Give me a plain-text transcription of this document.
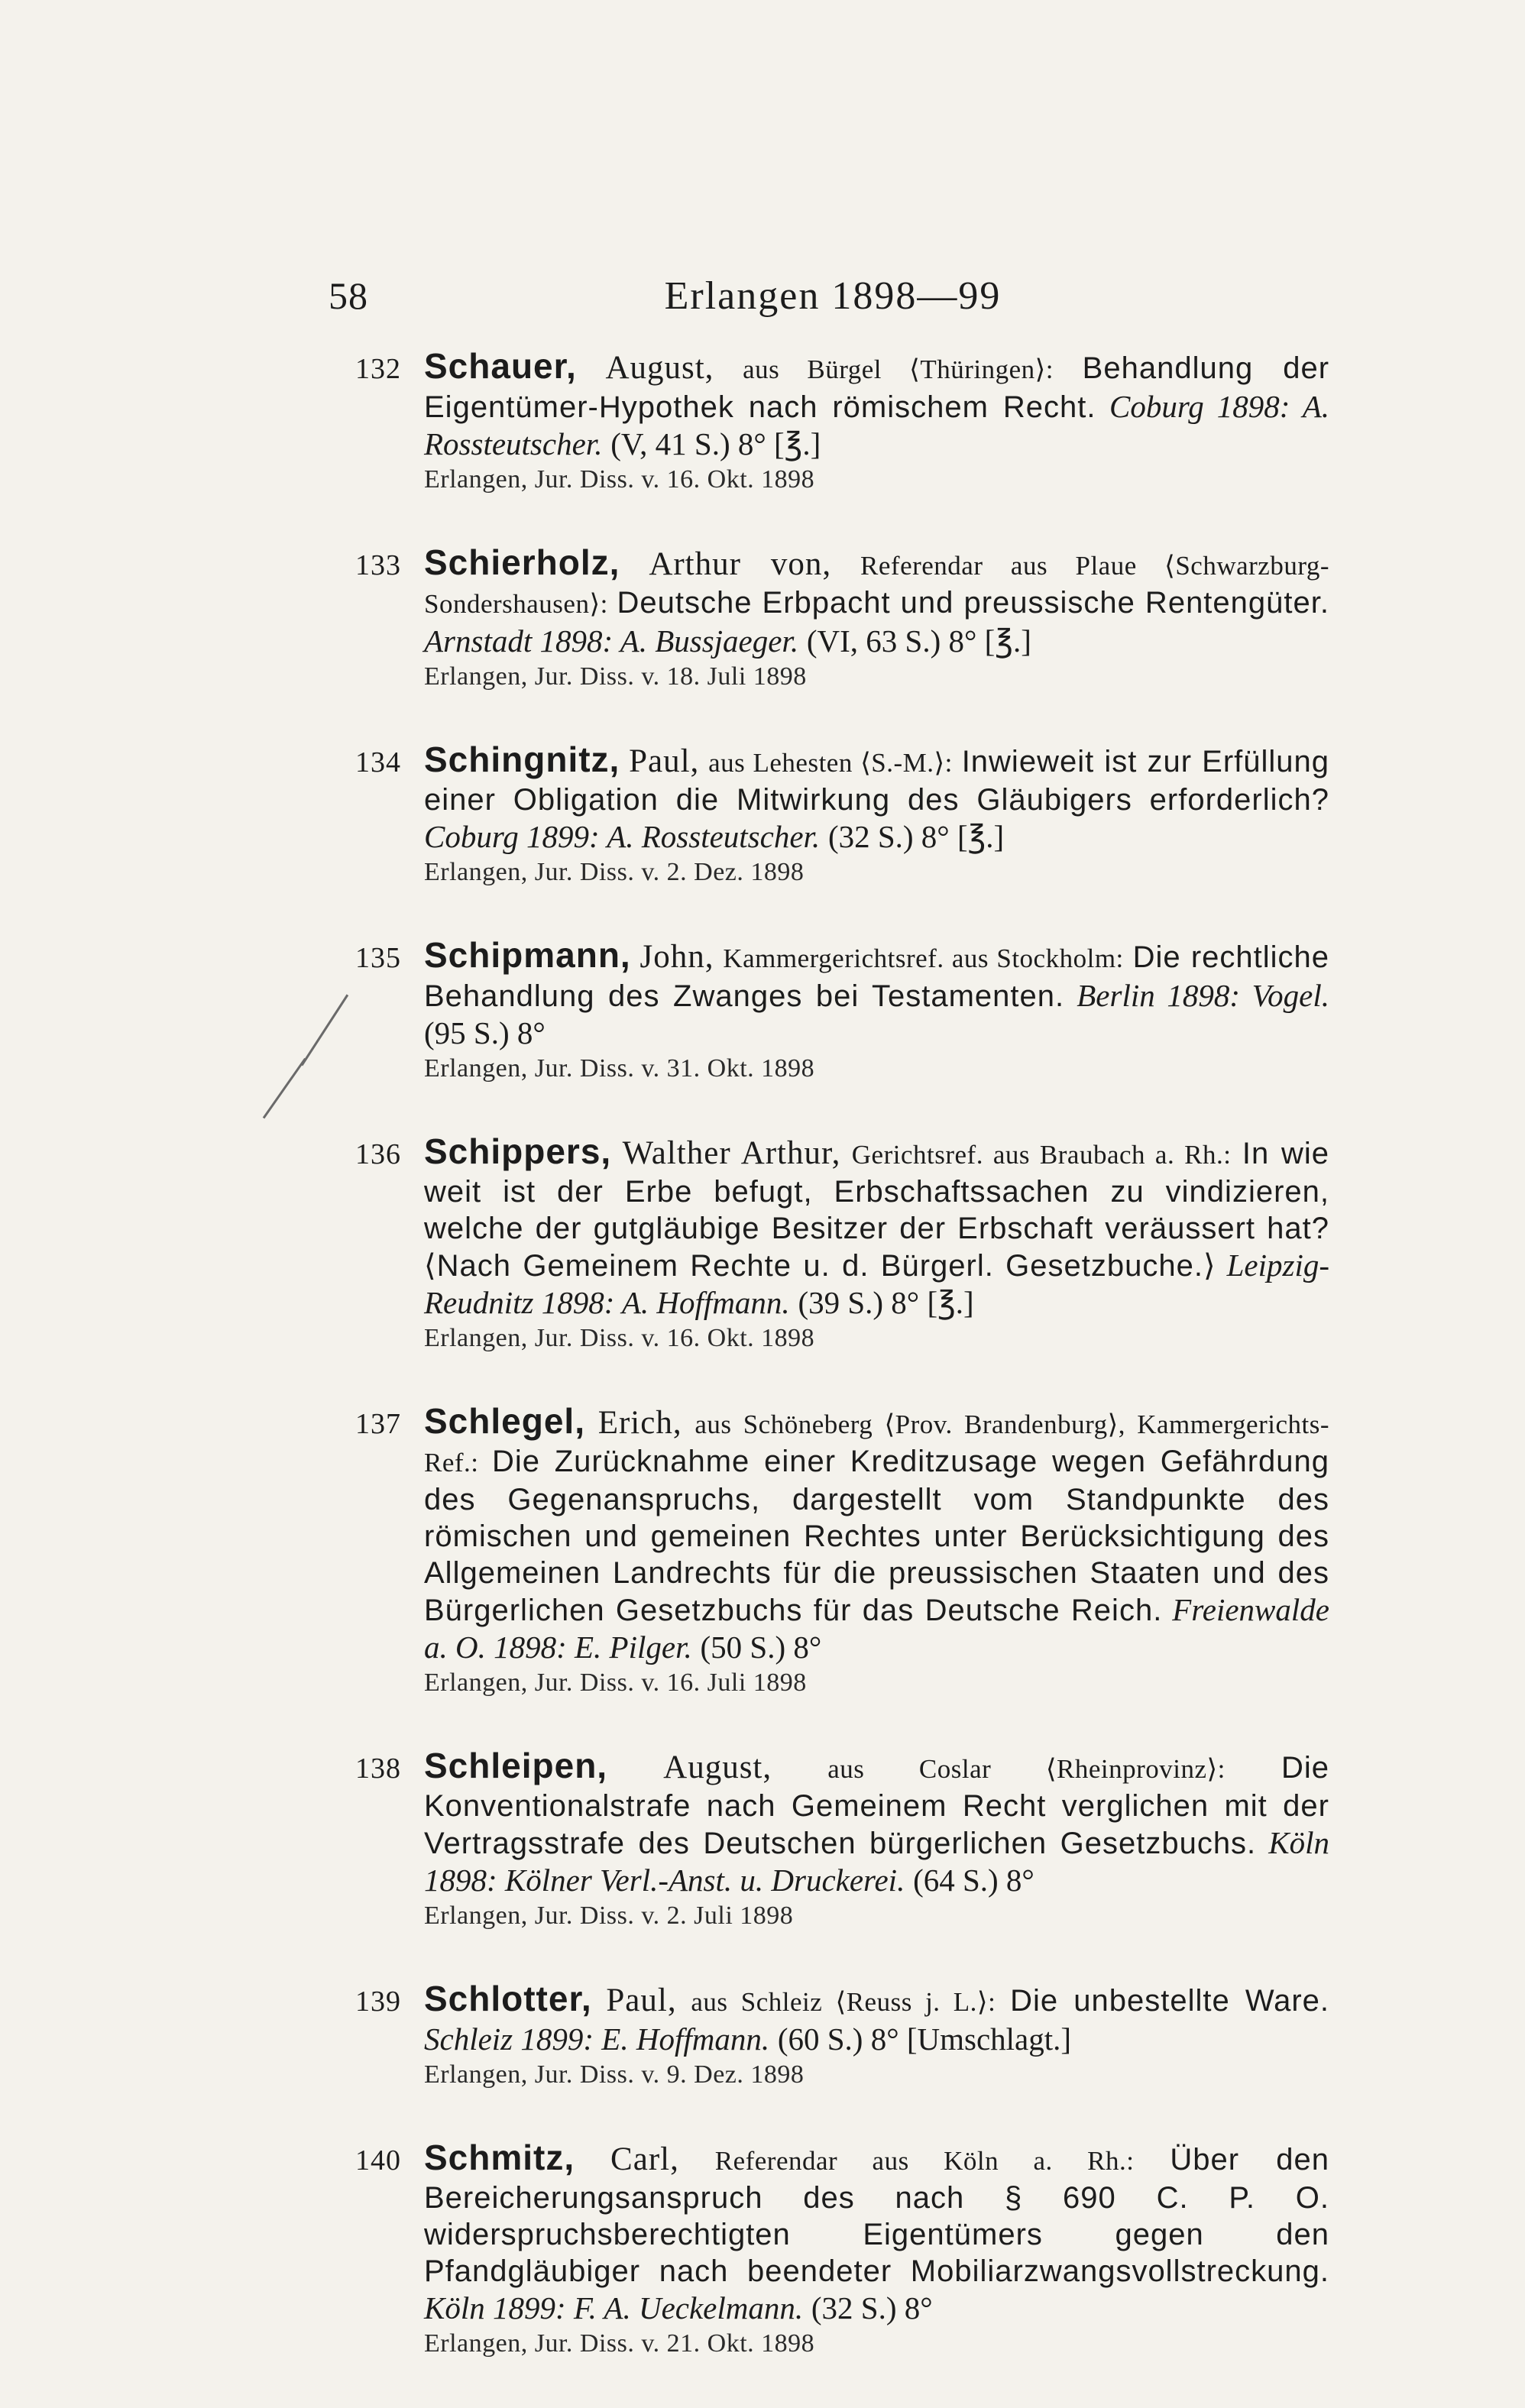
58	Erlangen 1898—99
132 Schauer, August, aus Bürgel ⟨Thüringen⟩: Behandlung der Eigentümer-Hypothek nach römischem Recht. Coburg 1898: A. Rossteutscher. (V, 41 S.) 8° [℥.]
Erlangen, Jur. Diss. v. 16. Okt. 1898
133 Schierholz, Arthur von, Referendar aus Plaue ⟨Schwarzburg-Sondershausen⟩: Deutsche Erbpacht und preussische Rentengüter. Arnstadt 1898: A. Bussjaeger. (VI, 63 S.) 8° [℥.]
Erlangen, Jur. Diss. v. 18. Juli 1898
134 Schingnitz, Paul, aus Lehesten ⟨S.-M.⟩: Inwieweit ist zur Erfüllung einer Obligation die Mitwirkung des Gläubigers erforderlich? Coburg 1899: A. Rossteutscher. (32 S.) 8° [℥.]
Erlangen, Jur. Diss. v. 2. Dez. 1898
135 Schipmann, John, Kammergerichtsref. aus Stockholm: Die rechtliche Behandlung des Zwanges bei Testamenten. Berlin 1898: Vogel. (95 S.) 8°
Erlangen, Jur. Diss. v. 31. Okt. 1898
136 Schippers, Walther Arthur, Gerichtsref. aus Braubach a. Rh.: In wie weit ist der Erbe befugt, Erbschaftssachen zu vindizieren, welche der gutgläubige Besitzer der Erbschaft veräussert hat? ⟨Nach Gemeinem Rechte u. d. Bürgerl. Gesetzbuche.⟩ Leipzig-Reudnitz 1898: A. Hoffmann. (39 S.) 8° [℥.]
Erlangen, Jur. Diss. v. 16. Okt. 1898
137 Schlegel, Erich, aus Schöneberg ⟨Prov. Brandenburg⟩, Kammergerichts-Ref.: Die Zurücknahme einer Kreditzusage wegen Gefährdung des Gegenanspruchs, dargestellt vom Standpunkte des römischen und gemeinen Rechtes unter Berücksichtigung des Allgemeinen Landrechts für die preussischen Staaten und des Bürgerlichen Gesetzbuchs für das Deutsche Reich. Freienwalde a. O. 1898: E. Pilger. (50 S.) 8°
Erlangen, Jur. Diss. v. 16. Juli 1898
138 Schleipen, August, aus Coslar ⟨Rheinprovinz⟩: Die Konventionalstrafe nach Gemeinem Recht verglichen mit der Vertragsstrafe des Deutschen bürgerlichen Gesetzbuchs. Köln 1898: Kölner Verl.-Anst. u. Druckerei. (64 S.) 8°
Erlangen, Jur. Diss. v. 2. Juli 1898
139 Schlotter, Paul, aus Schleiz ⟨Reuss j. L.⟩: Die unbestellte Ware. Schleiz 1899: E. Hoffmann. (60 S.) 8° [Umschlagt.]
Erlangen, Jur. Diss. v. 9. Dez. 1898
140 Schmitz, Carl, Referendar aus Köln a. Rh.: Über den Bereicherungsanspruch des nach § 690 C. P. O. widerspruchsberechtigten Eigentümers gegen den Pfandgläubiger nach beendeter Mobiliarzwangsvollstreckung. Köln 1899: F. A. Ueckelmann. (32 S.) 8°
Erlangen, Jur. Diss. v. 21. Okt. 1898
